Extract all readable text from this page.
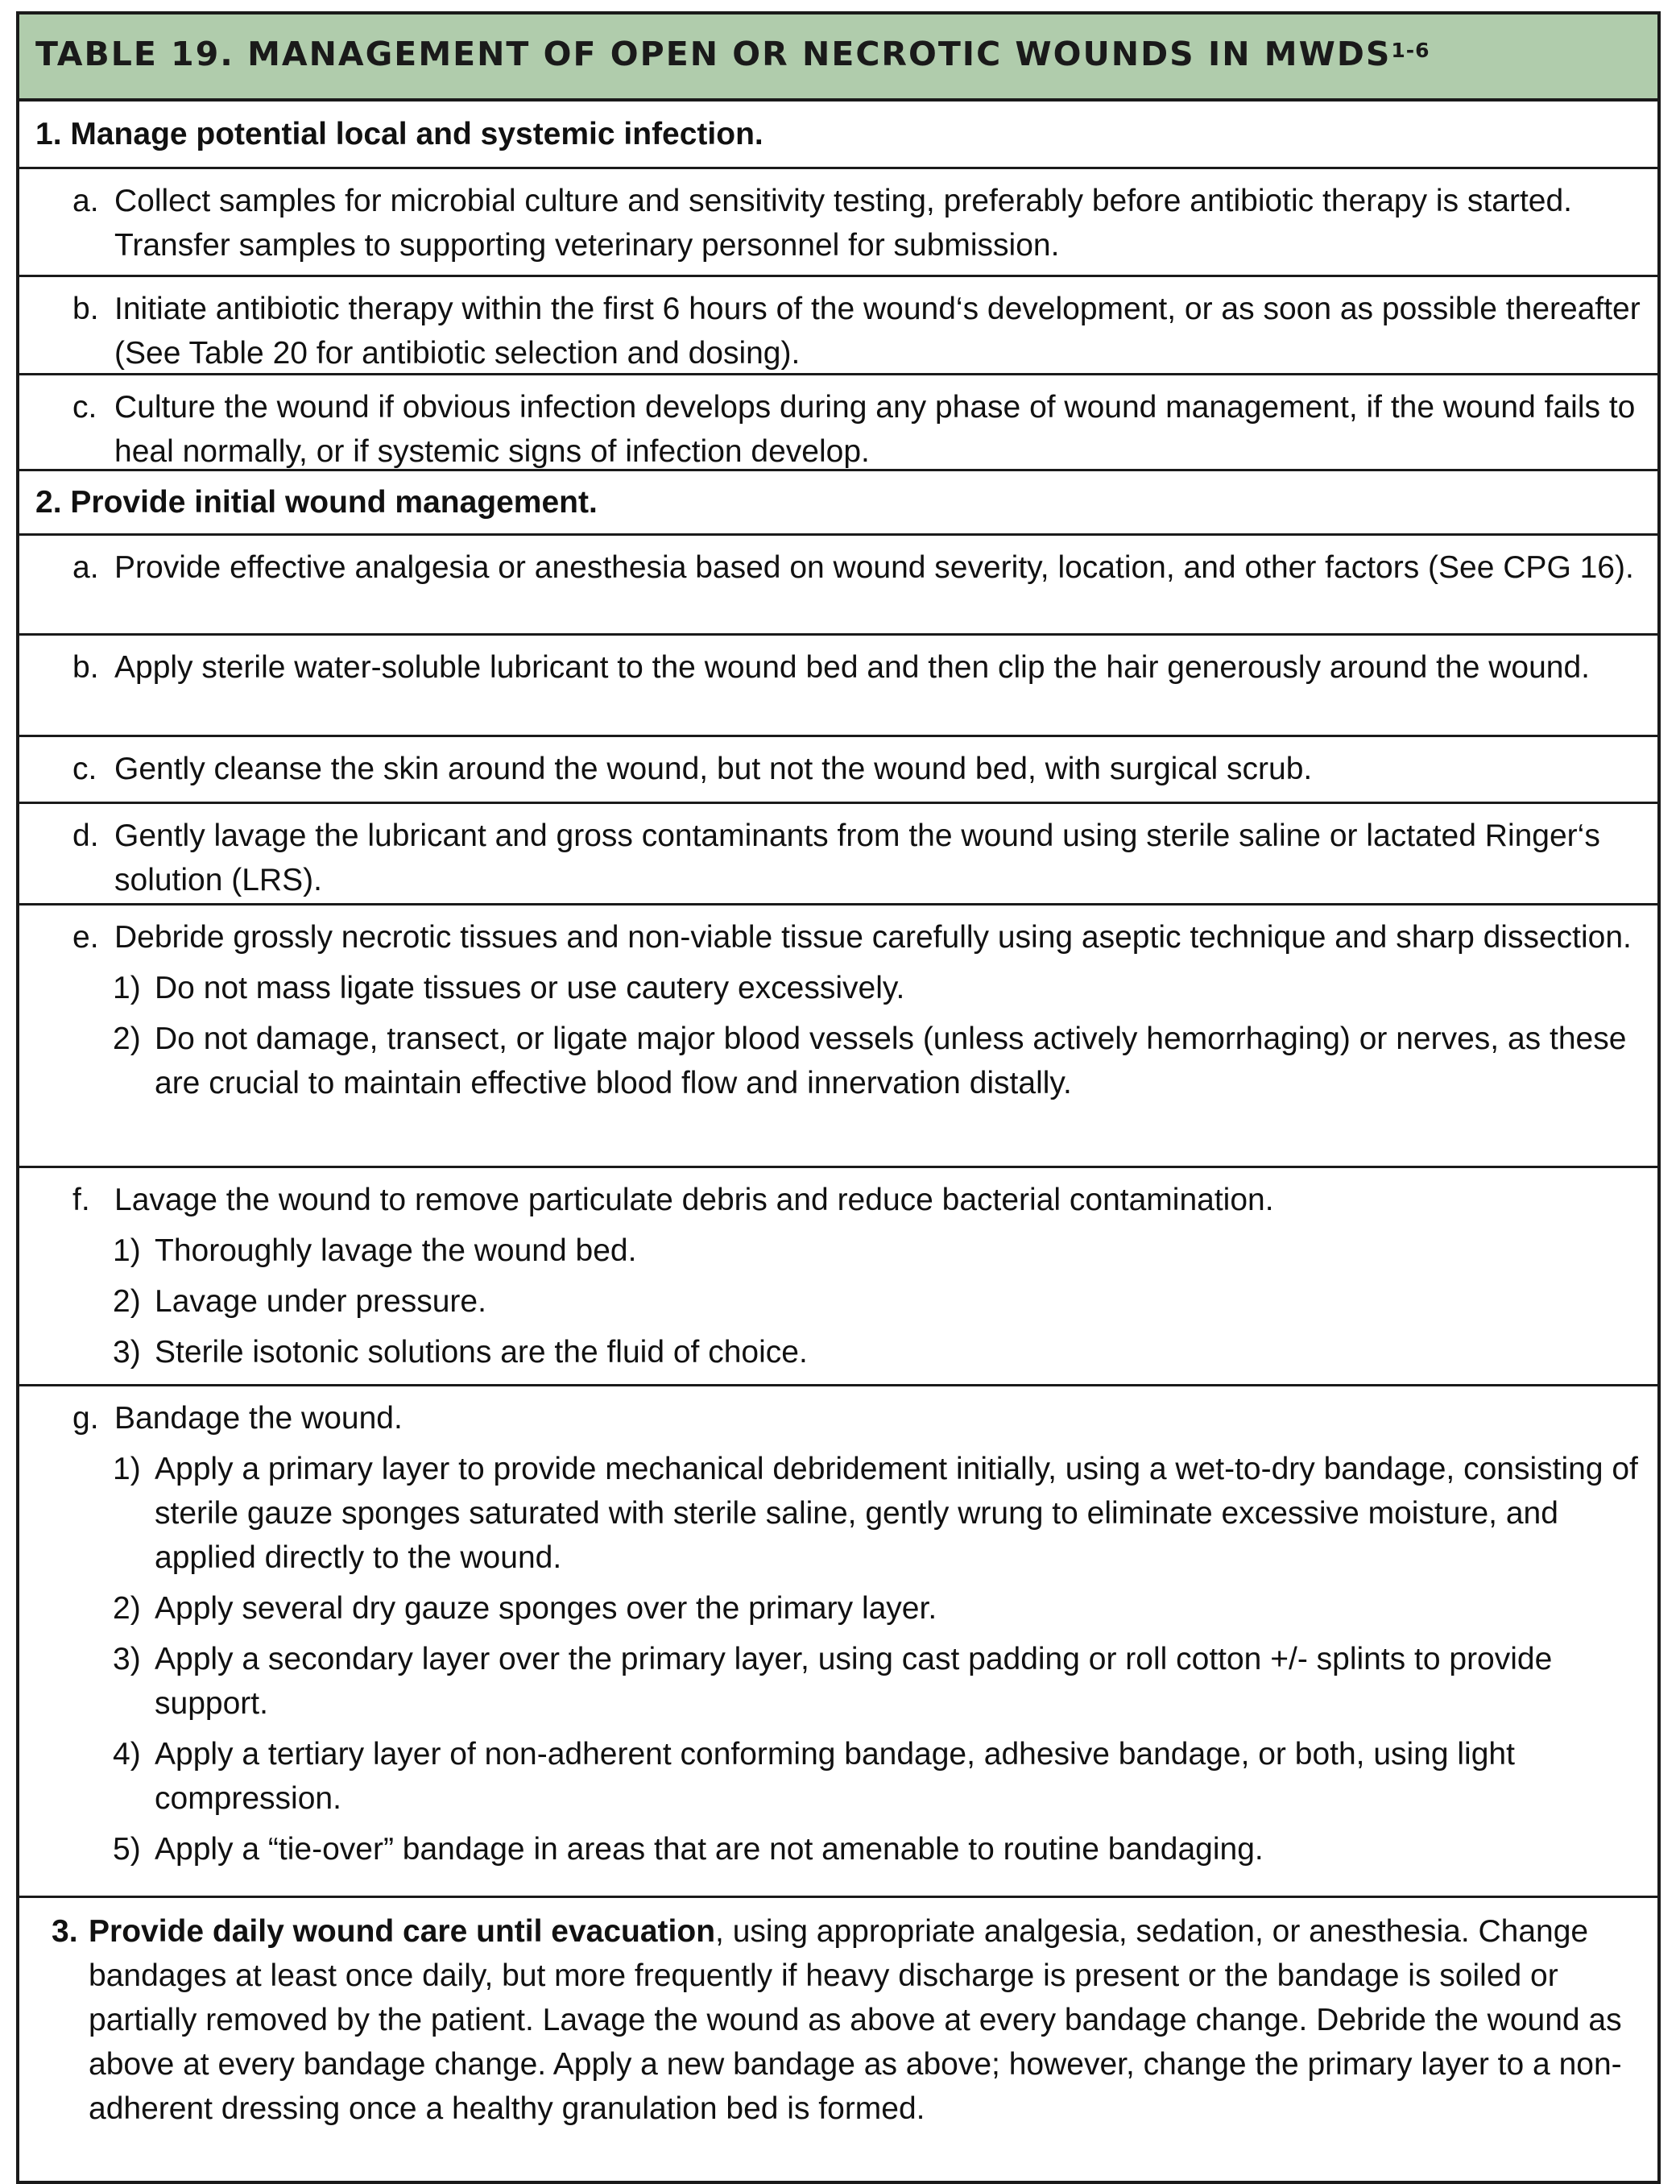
TABLE 19. MANAGEMENT OF OPEN OR NECROTIC WOUNDS IN MWDS$^{1-6}$
1.
Manage potential local and systemic infection.
a. Collect samples for microbial culture and sensitivity testing, preferably before antibiotic therapy is started. Transfer samples to supporting veterinary personnel for submission.
b. Initiate antibiotic therapy within the first 6 hours of the wound‘s development, or as soon as possible thereafter (See Table 20 for antibiotic selection and dosing).
c. Culture the wound if obvious infection develops during any phase of wound management, if the wound fails to heal normally, or if systemic signs of infection develop.
2.
Provide initial wound management.
a. Provide effective analgesia or anesthesia based on wound severity, location, and other factors (See CPG 16).
b. Apply sterile water-soluble lubricant to the wound bed and then clip the hair generously around the wound.
c. Gently cleanse the skin around the wound, but not the wound bed, with surgical scrub.
d. Gently lavage the lubricant and gross contaminants from the wound using sterile saline or lactated Ringer‘s solution (LRS).
e. Debride grossly necrotic tissues and non-viable tissue carefully using aseptic technique and sharp dissection.
1) Do not mass ligate tissues or use cautery excessively.
2) Do not damage, transect, or ligate major blood vessels (unless actively hemorrhaging) or nerves, as these are crucial to maintain effective blood flow and innervation distally.
f. Lavage the wound to remove particulate debris and reduce bacterial contamination.
1) Thoroughly lavage the wound bed.
2) Lavage under pressure.
3) Sterile isotonic solutions are the fluid of choice.
g. Bandage the wound.
1) Apply a primary layer to provide mechanical debridement initially, using a wet-to-dry bandage, consisting of sterile gauze sponges saturated with sterile saline, gently wrung to eliminate excessive moisture, and applied directly to the wound.
2) Apply several dry gauze sponges over the primary layer.
3) Apply a secondary layer over the primary layer, using cast padding or roll cotton +/- splints to provide support.
4) Apply a tertiary layer of non-adherent conforming bandage, adhesive bandage, or both, using light compression.
5) Apply a “tie-over” bandage in areas that are not amenable to routine bandaging.
3. Provide daily wound care until evacuation, using appropriate analgesia, sedation, or anesthesia. Change bandages at least once daily, but more frequently if heavy discharge is present or the bandage is soiled or partially removed by the patient. Lavage the wound as above at every bandage change. Debride the wound as above at every bandage change. Apply a new bandage as above; however, change the primary layer to a non-adherent dressing once a healthy granulation bed is formed.
